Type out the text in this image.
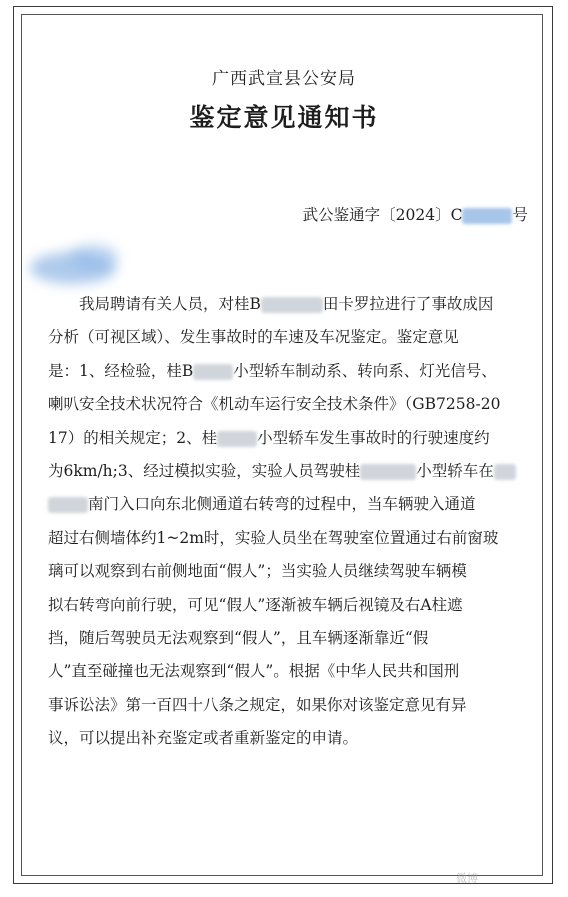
广西武宣县公安局
鉴定意见通知书
武公鉴通字〔2024〕C	号
我局聘请有关人员，对桂B	田卡罗拉进行了事故成因
分析（可视区域）、发生事故时的车速及车况鉴定。鉴定意见
是：1、经检验，桂B	小型轿车制动系、转向系、灯光信号、
喇叭安全技术状况符合《机动车运行安全技术条件》（GB7258-20
17）的相关规定；2、桂	小型轿车发生事故时的行驶速度约
为6km/h;3、经过模拟实验，实验人员驾驶桂	小型轿车在
南门入口向东北侧通道右转弯的过程中，当车辆驶入通道
超过右侧墙体约1~2m时，实验人员坐在驾驶室位置通过右前窗玻
璃可以观察到右前侧地面“假人”；当实验人员继续驾驶车辆模
拟右转弯向前行驶，可见“假人”逐渐被车辆后视镜及右A柱遮
挡，随后驾驶员无法观察到“假人”，且车辆逐渐靠近“假
人”直至碰撞也无法观察到“假人”。根据《中华人民共和国刑
事诉讼法》第一百四十八条之规定，如果你对该鉴定意见有异
议，可以提出补充鉴定或者重新鉴定的申请。
微博
